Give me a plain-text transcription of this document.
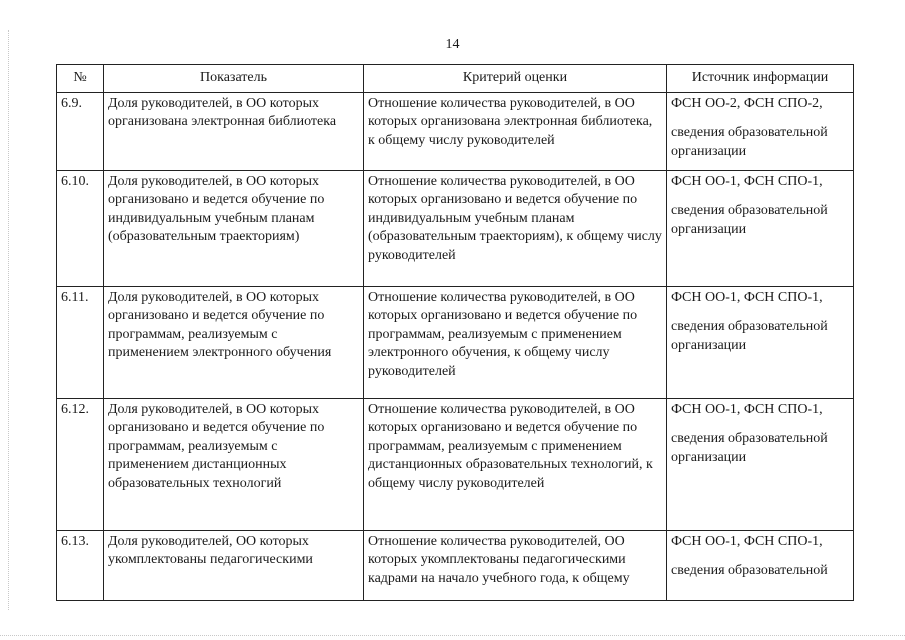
14
№	Показатель	Критерий оценки	Источник информации
6.9.	Доля руководителей, в ОО которых организована электронная библиотека	Отношение количества руководителей, в ОО которых организована электронная библиотека, к общему числу руководителей	ФСН ОО-2, ФСН СПО-2,
сведения образовательной организации

6.10.	Доля руководителей, в ОО которых организовано и ведется обучение по индивидуальным учебным планам (образовательным траекториям)	Отношение количества руководителей, в ОО которых организовано и ведется обучение по индивидуальным учебным планам (образовательным траекториям), к общему числу руководителей	ФСН ОО-1, ФСН СПО-1,
сведения образовательной организации

6.11.	Доля руководителей, в ОО которых организовано и ведется обучение по программам, реализуемым с применением электронного обучения	Отношение количества руководителей, в ОО которых организовано и ведется обучение по программам, реализуемым с применением электронного обучения, к общему числу руководителей	ФСН ОО-1, ФСН СПО-1,
сведения образовательной организации

6.12.	Доля руководителей, в ОО которых организовано и ведется обучение по программам, реализуемым с применением дистанционных образовательных технологий	Отношение количества руководителей, в ОО которых организовано и ведется обучение по программам, реализуемым с применением дистанционных образовательных технологий, к общему числу руководителей	ФСН ОО-1, ФСН СПО-1,
сведения образовательной организации

6.13.	Доля руководителей, ОО которых укомплектованы педагогическими	Отношение количества руководителей, ОО которых укомплектованы педагогическими кадрами на начало учебного года, к общему	ФСН ОО-1, ФСН СПО-1,
сведения образовательной
